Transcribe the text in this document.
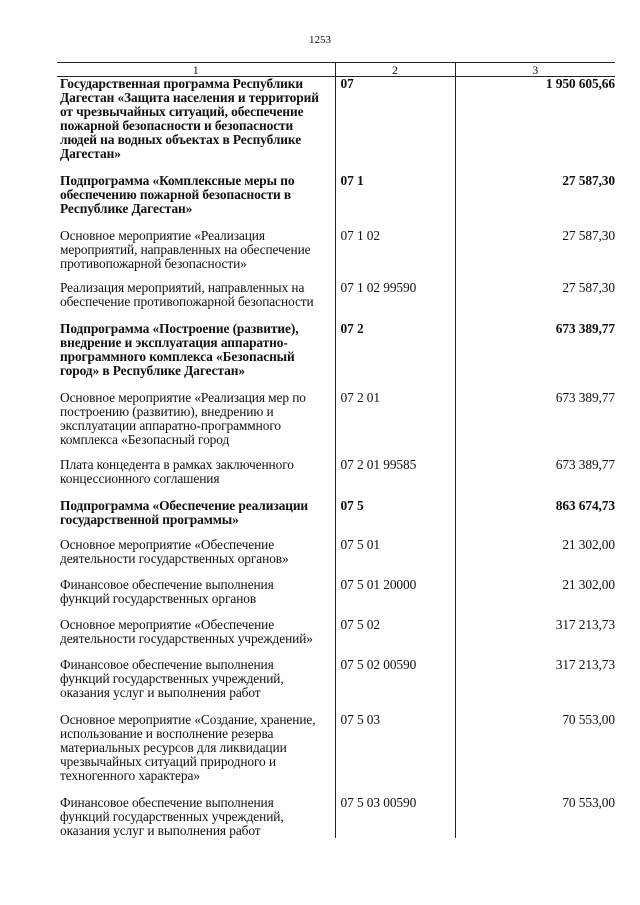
1253
1	2	3
Государственная программа Республики Дагестан «Защита населения и территорий от чрезвычайных ситуаций, обеспечение пожарной безопасности и безопасности людей на водных объектах в Республике Дагестан»	07	1 950 605,66
Подпрограмма «Комплексные меры по обеспечению пожарной безопасности в Республике Дагестан»	07 1	27 587,30
Основное мероприятие «Реализация мероприятий, направленных на обеспечение противопожарной безопасности»	07 1 02	27 587,30
Реализация мероприятий, направленных на обеспечение противопожарной безопасности	07 1 02 99590	27 587,30
Подпрограмма «Построение (развитие), внедрение и эксплуатация аппаратно-программного комплекса «Безопасный город» в Республике Дагестан»	07 2	673 389,77
Основное мероприятие «Реализация мер по построению (развитию), внедрению и эксплуатации аппаратно-программного комплекса «Безопасный город	07 2 01	673 389,77
Плата концедента в рамках заключенного концессионного соглашения	07 2 01 99585	673 389,77
Подпрограмма «Обеспечение реализации государственной программы»	07 5	863 674,73
Основное мероприятие «Обеспечение деятельности государственных органов»	07 5 01	21 302,00
Финансовое обеспечение выполнения функций государственных органов	07 5 01 20000	21 302,00
Основное мероприятие «Обеспечение деятельности государственных учреждений»	07 5 02	317 213,73
Финансовое обеспечение выполнения функций государственных учреждений, оказания услуг и выполнения работ	07 5 02 00590	317 213,73
Основное мероприятие «Создание, хранение, использование и восполнение резерва материальных ресурсов для ликвидации чрезвычайных ситуаций природного и техногенного характера»	07 5 03	70 553,00
Финансовое обеспечение выполнения функций государственных учреждений, оказания услуг и выполнения работ	07 5 03 00590	70 553,00
